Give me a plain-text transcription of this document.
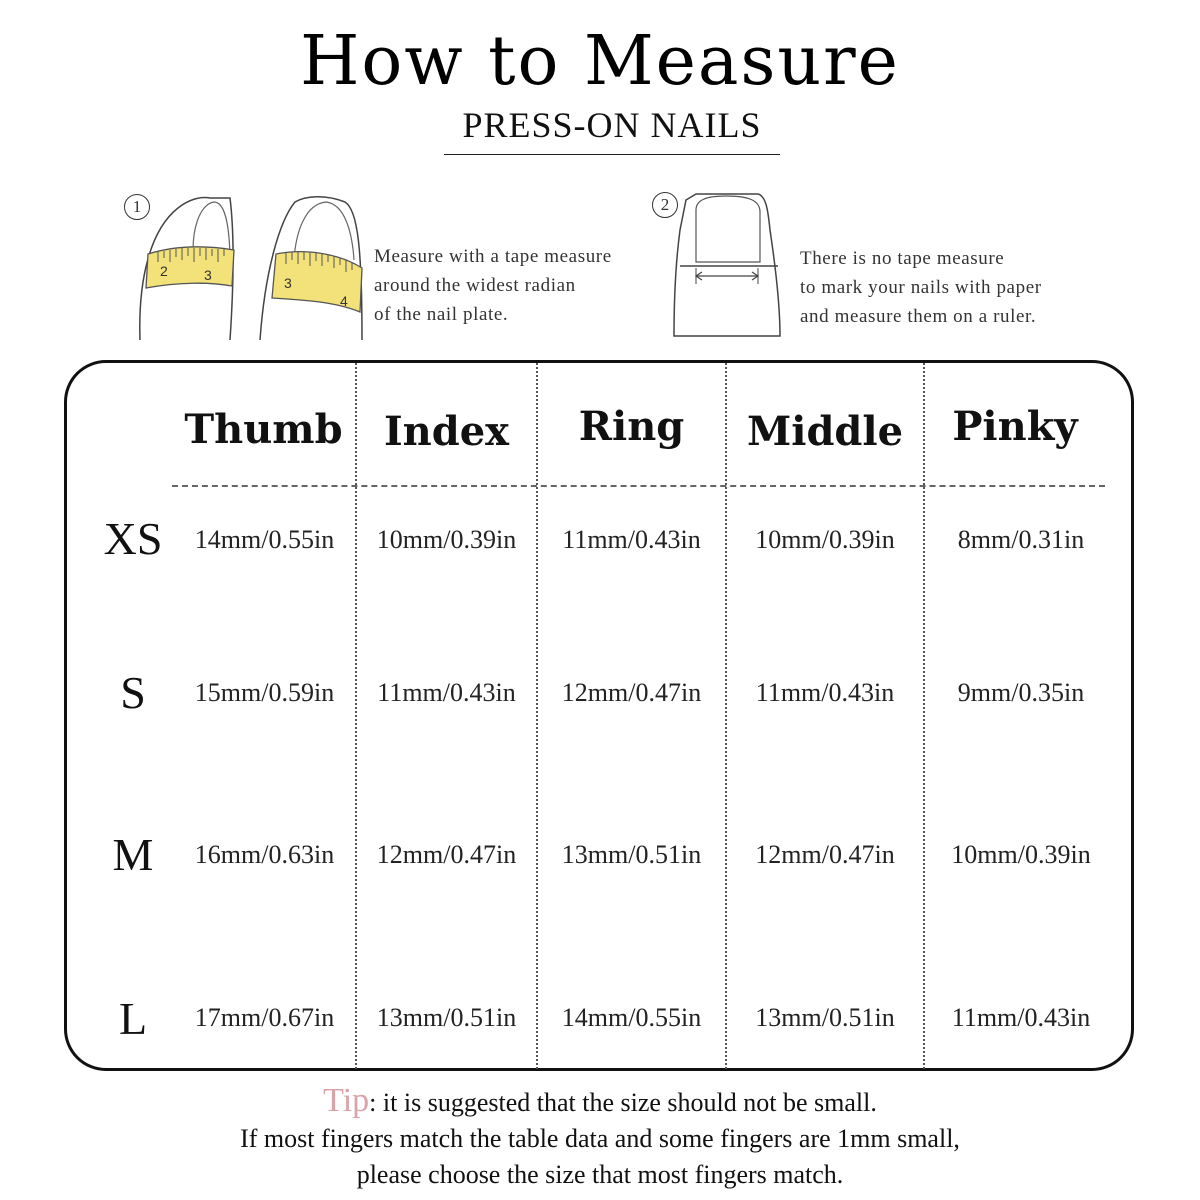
How to Measure
PRESS-ON NAILS
1
2	3	3
4
Measure with a tape measure
around the widest radian
of the nail plate.
2
There is no tape measure
to mark your nails with paper
and measure them on a ruler.
Thumb	Index	Ring	Middle	Pinky
XS	14mm/0.55in	10mm/0.39in	11mm/0.43in	10mm/0.39in	8mm/0.31in
S	15mm/0.59in	11mm/0.43in	12mm/0.47in	11mm/0.43in	9mm/0.35in
M	16mm/0.63in	12mm/0.47in	13mm/0.51in	12mm/0.47in	10mm/0.39in
L	17mm/0.67in	13mm/0.51in	14mm/0.55in	13mm/0.51in	11mm/0.43in
Tip: it is suggested that the size should not be small.
If most fingers match the table data and some fingers are 1mm small,
please choose the size that most fingers match.
